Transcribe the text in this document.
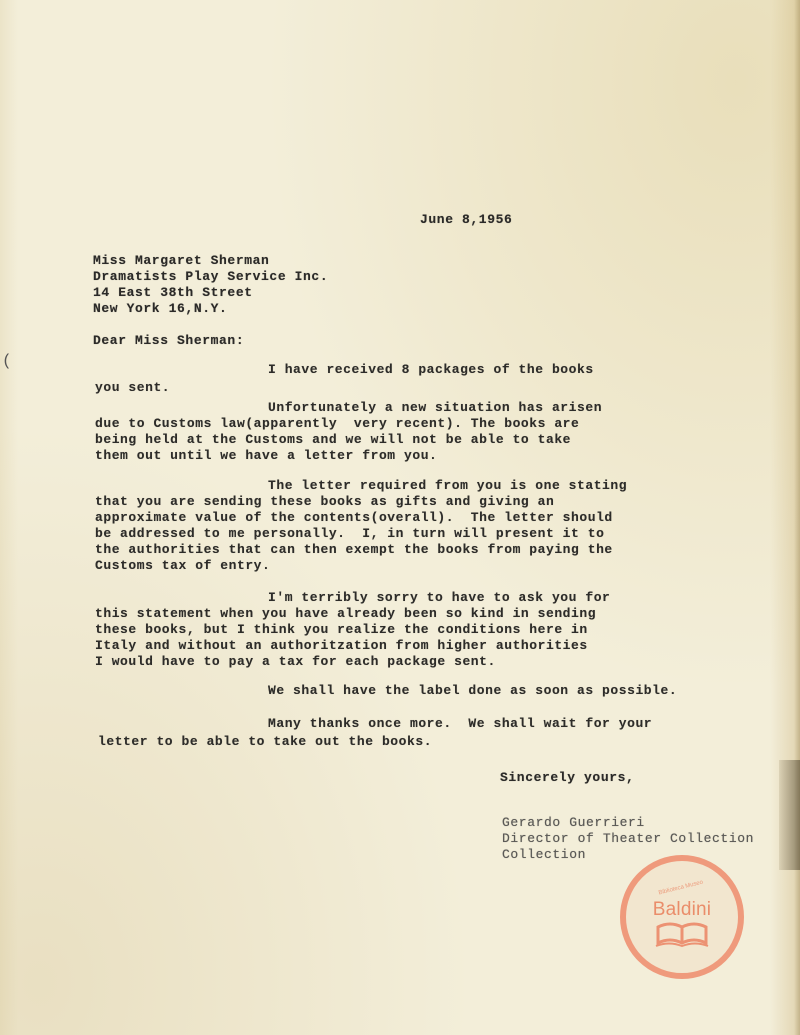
(
June 8,1956
Miss Margaret Sherman
Dramatists Play Service Inc.
14 East 38th Street
New York 16,N.Y.
Dear Miss Sherman:
I have received 8 packages of the books
you sent.
Unfortunately a new situation has arisen
due to Customs law(apparently  very recent). The books are
being held at the Customs and we will not be able to take
them out until we have a letter from you.
The letter required from you is one stating
that you are sending these books as gifts and giving an
approximate value of the contents(overall).  The letter should
be addressed to me personally.  I, in turn will present it to
the authorities that can then exempt the books from paying the
Customs tax of entry.
I'm terribly sorry to have to ask you for
this statement when you have already been so kind in sending
these books, but I think you realize the conditions here in
Italy and without an authoritzation from higher authorities
I would have to pay a tax for each package sent.
We shall have the label done as soon as possible.
Many thanks once more.  We shall wait for your
letter to be able to take out the books.
Sincerely yours,
Gerardo Guerrieri
Director of Theater Collection
Collection
Biblioteca Museo
Baldini
